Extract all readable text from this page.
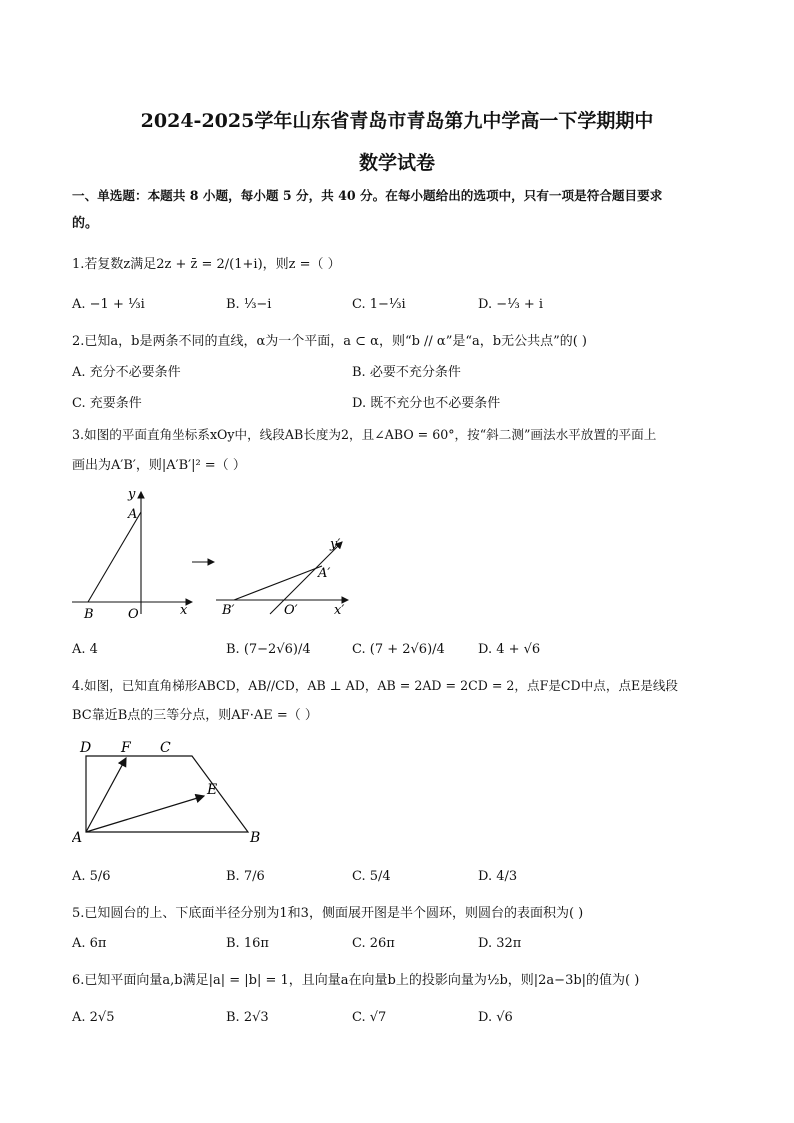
2024-2025学年山东省青岛市青岛第九中学高一下学期期中
数学试卷
一、单选题：本题共 8 小题，每小题 5 分，共 40 分。在每小题给出的选项中，只有一项是符合题目要求
的。
1.若复数z满足2z + z̄ = 2/(1+i)，则z =（ ）
A. −1 + ⅓i	B. ⅓−i	C. 1−⅓i	D. −⅓ + i
2.已知a，b是两条不同的直线，α为一个平面，a ⊂ α，则“b // α”是“a，b无公共点”的( )
A. 充分不必要条件	B. 必要不充分条件
C. 充要条件	D. 既不充分也不必要条件
3.如图的平面直角坐标系xOy中，线段AB长度为2，且∠ABO = 60°，按“斜二测”画法水平放置的平面上
画出为A′B′，则|A′B′|² =（ ）
y
A
B	O	x
y′
A′
B′	O′	x′
A. 4	B. (7−2√6)/4	C. (7 + 2√6)/4	D. 4 + √6
4.如图，已知直角梯形ABCD，AB//CD，AB ⊥ AD，AB = 2AD = 2CD = 2，点F是CD中点，点E是线段
BC靠近B点的三等分点，则AF·AE =（ ）
D F C
E
A	B
A. 5/6	B. 7/6	C. 5/4	D. 4/3
5.已知圆台的上、下底面半径分别为1和3，侧面展开图是半个圆环，则圆台的表面积为( )
A. 6π	B. 16π	C. 26π	D. 32π
6.已知平面向量a,b满足|a| = |b| = 1，且向量a在向量b上的投影向量为½b，则|2a−3b|的值为( )
A. 2√5	B. 2√3	C. √7	D. √6
